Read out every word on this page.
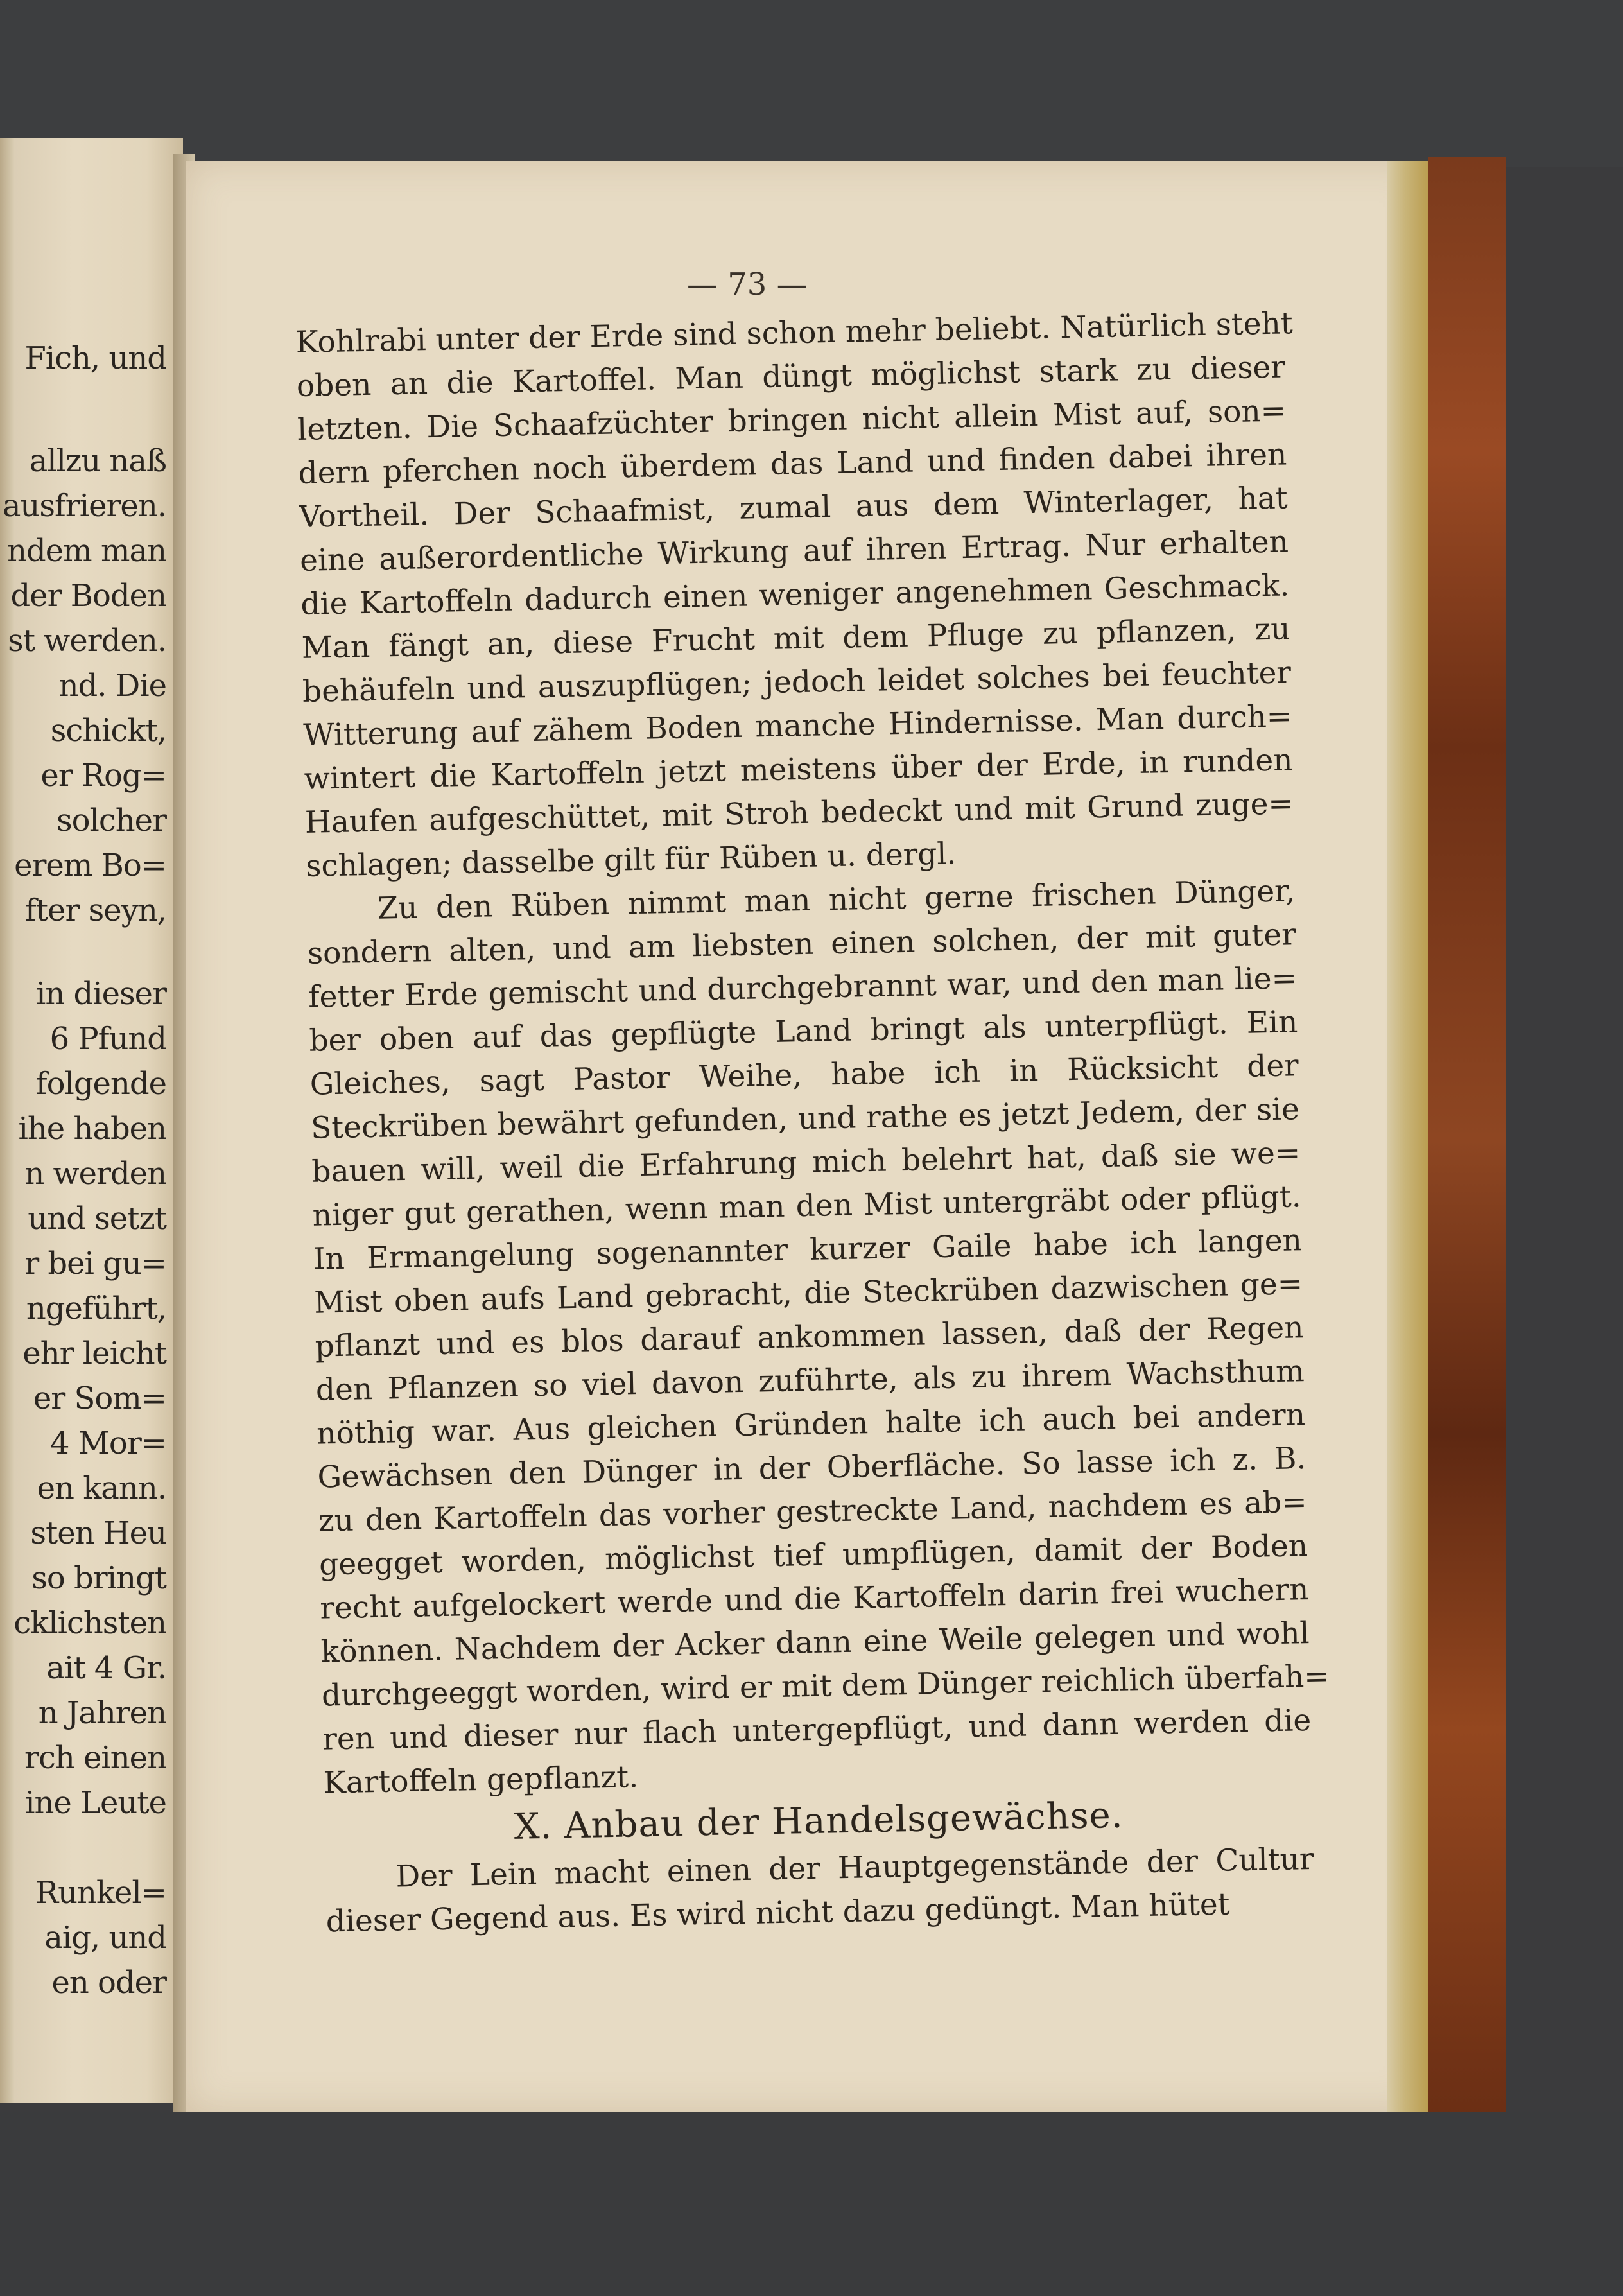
Fich, und
allzu naß
ausfrieren.
ndem man
der Boden
st werden.
nd. Die
schickt,
er Rog=
solcher
erem Bo=
fter seyn,
in dieser
6 Pfund
folgende
ihe haben
n werden
und setzt
r bei gu=
ngeführt,
ehr leicht
er Som=
4 Mor=
en kann.
sten Heu
so bringt
cklichsten
ait 4 Gr.
n Jahren
rch einen
ine Leute
Runkel=
aig, und
en oder
— 73 —
Kohlrabi unter der Erde sind schon mehr beliebt. Natürlich steht
oben an die Kartoffel. Man düngt möglichst stark zu dieser
letzten. Die Schaafzüchter bringen nicht allein Mist auf, son=
dern pferchen noch überdem das Land und finden dabei ihren
Vortheil. Der Schaafmist, zumal aus dem Winterlager, hat
eine außerordentliche Wirkung auf ihren Ertrag. Nur erhalten
die Kartoffeln dadurch einen weniger angenehmen Geschmack.
Man fängt an, diese Frucht mit dem Pfluge zu pflanzen, zu
behäufeln und auszupflügen; jedoch leidet solches bei feuchter
Witterung auf zähem Boden manche Hindernisse. Man durch=
wintert die Kartoffeln jetzt meistens über der Erde, in runden
Haufen aufgeschüttet, mit Stroh bedeckt und mit Grund zuge=
schlagen; dasselbe gilt für Rüben u. dergl.
Zu den Rüben nimmt man nicht gerne frischen Dünger,
sondern alten, und am liebsten einen solchen, der mit guter
fetter Erde gemischt und durchgebrannt war, und den man lie=
ber oben auf das gepflügte Land bringt als unterpflügt. Ein
Gleiches, sagt Pastor Weihe, habe ich in Rücksicht der
Steckrüben bewährt gefunden, und rathe es jetzt Jedem, der sie
bauen will, weil die Erfahrung mich belehrt hat, daß sie we=
niger gut gerathen, wenn man den Mist untergräbt oder pflügt.
In Ermangelung sogenannter kurzer Gaile habe ich langen
Mist oben aufs Land gebracht, die Steckrüben dazwischen ge=
pflanzt und es blos darauf ankommen lassen, daß der Regen
den Pflanzen so viel davon zuführte, als zu ihrem Wachsthum
nöthig war. Aus gleichen Gründen halte ich auch bei andern
Gewächsen den Dünger in der Oberfläche. So lasse ich z. B.
zu den Kartoffeln das vorher gestreckte Land, nachdem es ab=
geegget worden, möglichst tief umpflügen, damit der Boden
recht aufgelockert werde und die Kartoffeln darin frei wuchern
können. Nachdem der Acker dann eine Weile gelegen und wohl
durchgeeggt worden, wird er mit dem Dünger reichlich überfah=
ren und dieser nur flach untergepflügt, und dann werden die
Kartoffeln gepflanzt.
X. Anbau der Handelsgewächse.
Der Lein macht einen der Hauptgegenstände der Cultur
dieser Gegend aus. Es wird nicht dazu gedüngt. Man hütet
